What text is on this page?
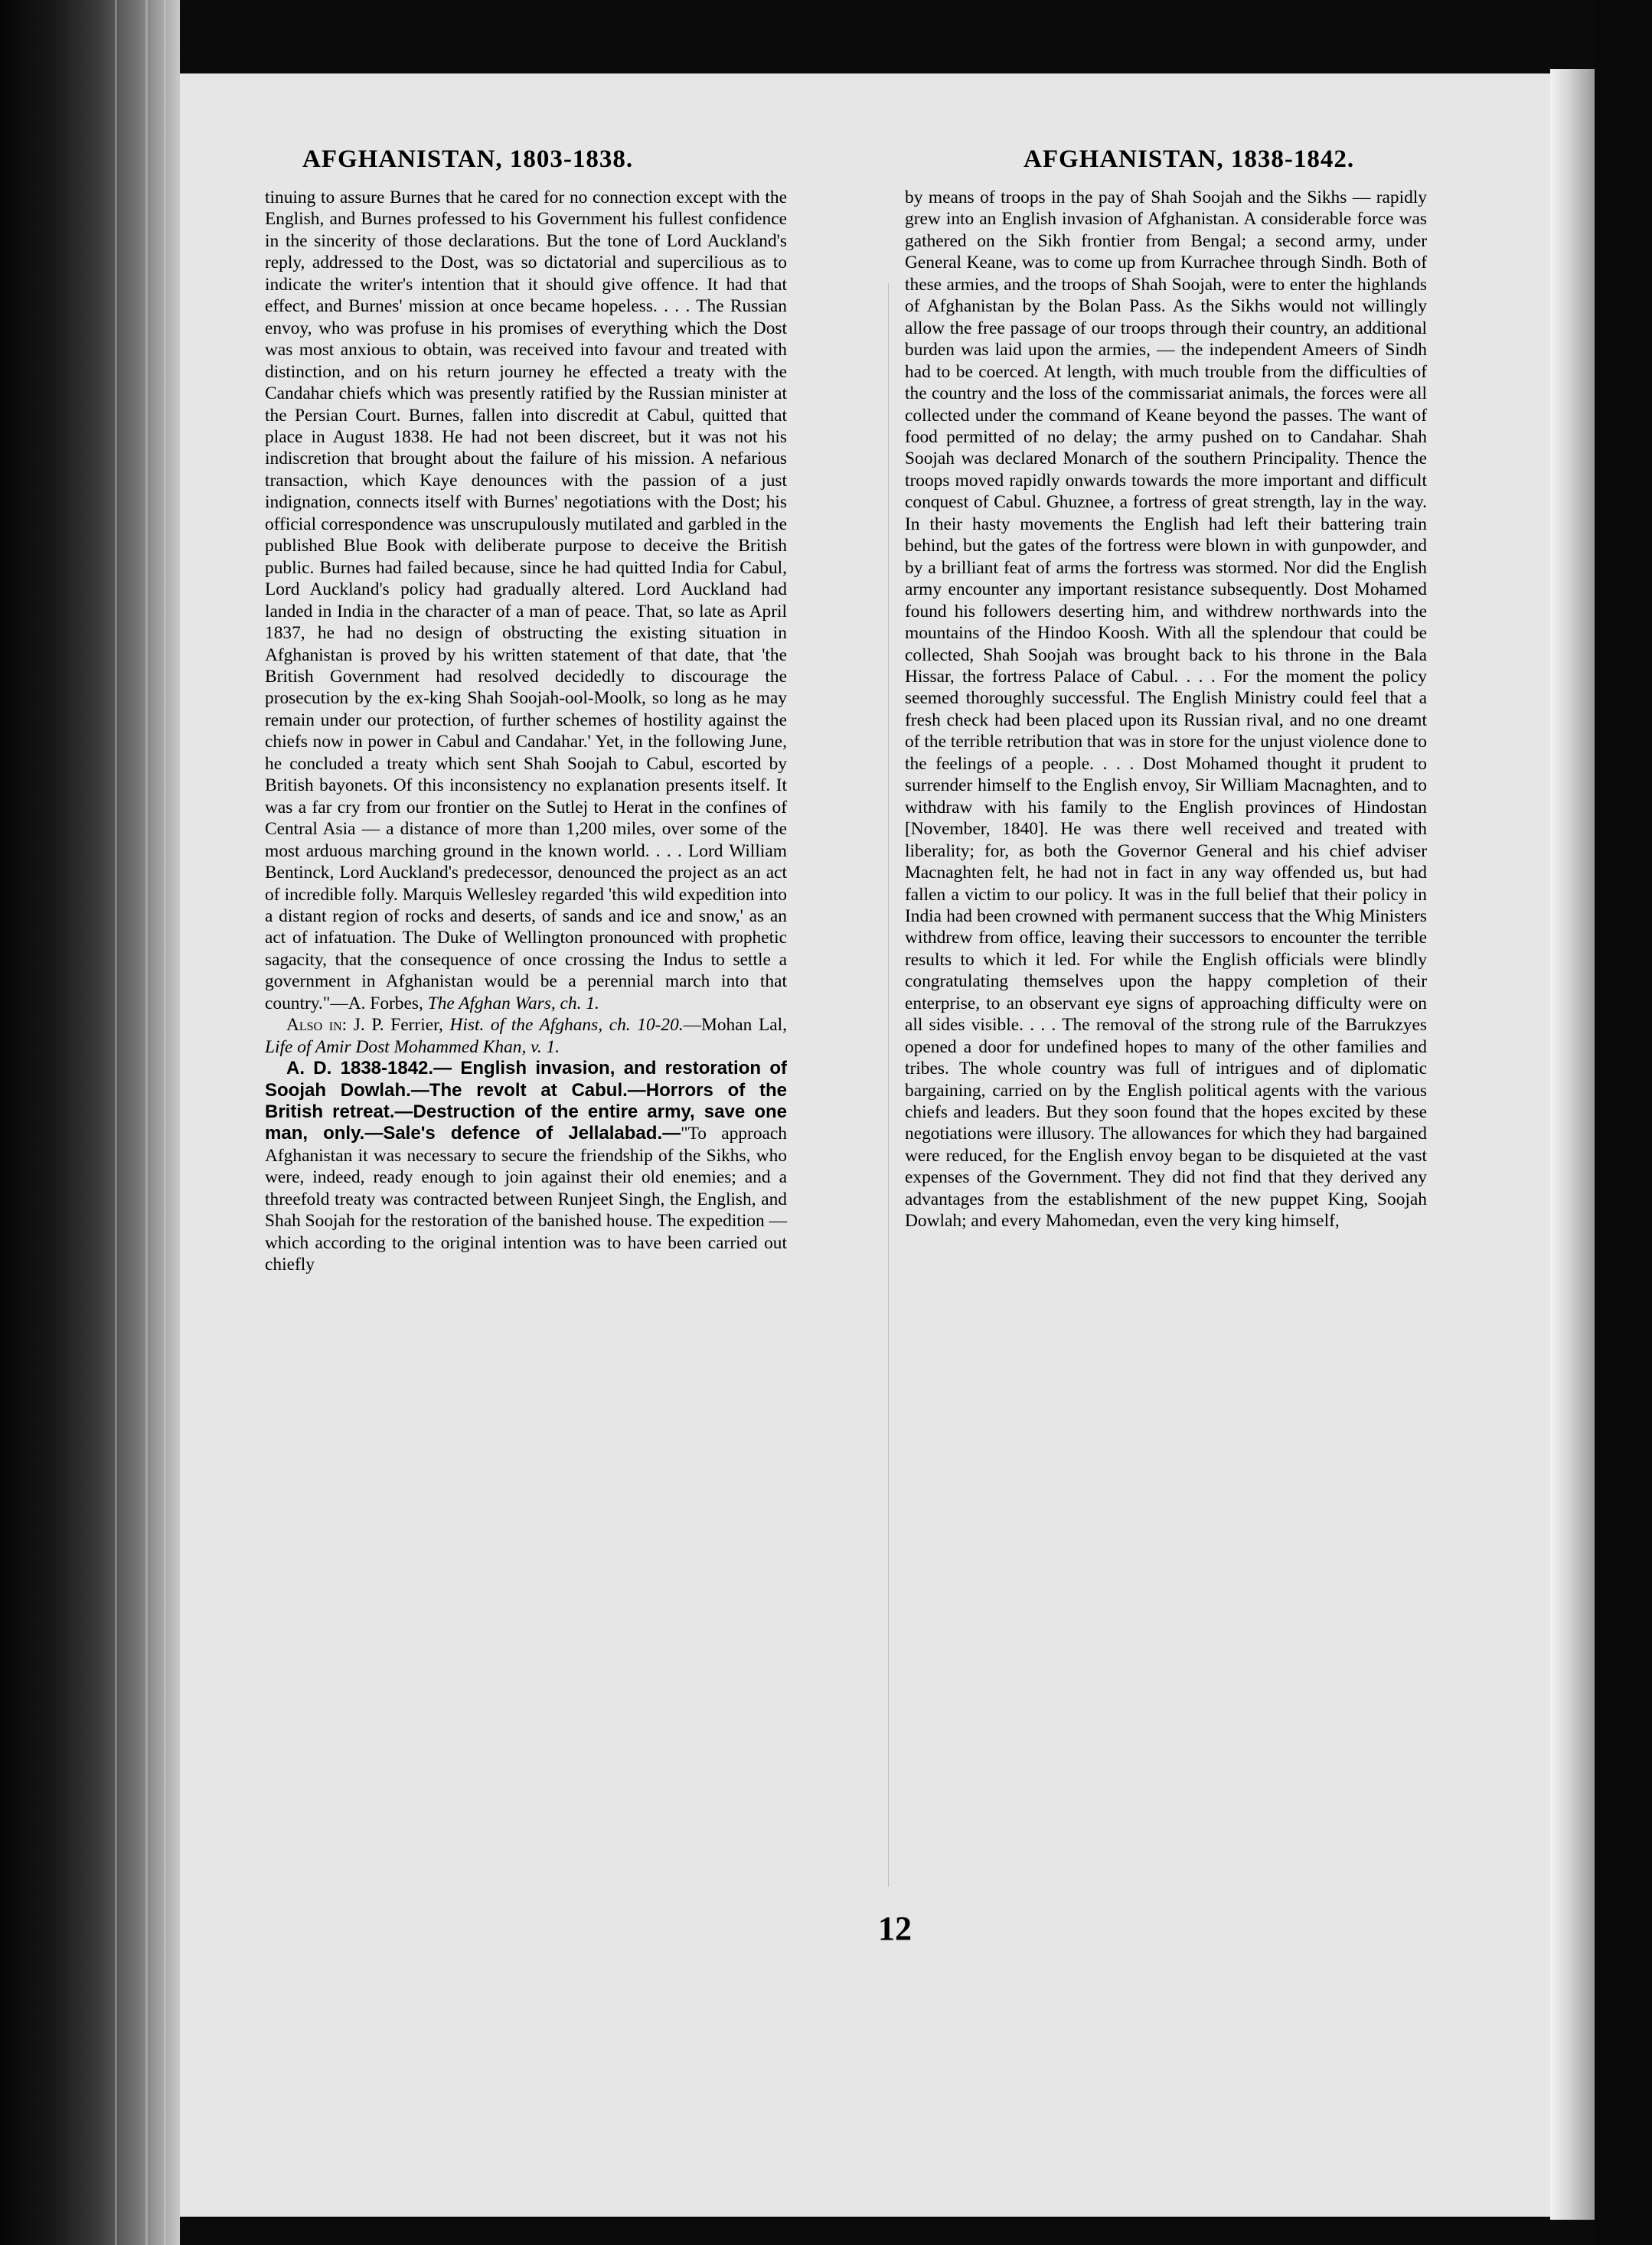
AFGHANISTAN, 1803-1838.	AFGHANISTAN, 1838-1842.

tinuing to assure Burnes that he cared for no connection except with the English, and Burnes professed to his Government his fullest confidence in the sincerity of those declarations. But the tone of Lord Auckland's reply, addressed to the Dost, was so dictatorial and supercilious as to indicate the writer's intention that it should give offence. It had that effect, and Burnes' mission at once became hopeless. . . . The Russian envoy, who was profuse in his promises of everything which the Dost was most anxious to obtain, was received into favour and treated with distinction, and on his return journey he effected a treaty with the Candahar chiefs which was presently ratified by the Russian minister at the Persian Court. Burnes, fallen into discredit at Cabul, quitted that place in August 1838. He had not been discreet, but it was not his indiscretion that brought about the failure of his mission. A nefarious transaction, which Kaye denounces with the passion of a just indignation, connects itself with Burnes' negotiations with the Dost; his official correspondence was unscrupulously mutilated and garbled in the published Blue Book with deliberate purpose to deceive the British public. Burnes had failed because, since he had quitted India for Cabul, Lord Auckland's policy had gradually altered. Lord Auckland had landed in India in the character of a man of peace. That, so late as April 1837, he had no design of obstructing the existing situation in Afghanistan is proved by his written statement of that date, that 'the British Government had resolved decidedly to discourage the prosecution by the ex-king Shah Soojah-ool-Moolk, so long as he may remain under our protection, of further schemes of hostility against the chiefs now in power in Cabul and Candahar.' Yet, in the following June, he concluded a treaty which sent Shah Soojah to Cabul, escorted by British bayonets. Of this inconsistency no explanation presents itself. It was a far cry from our frontier on the Sutlej to Herat in the confines of Central Asia — a distance of more than 1,200 miles, over some of the most arduous marching ground in the known world. . . . Lord William Bentinck, Lord Auckland's predecessor, denounced the project as an act of incredible folly. Marquis Wellesley regarded 'this wild expedition into a distant region of rocks and deserts, of sands and ice and snow,' as an act of infatuation. The Duke of Wellington pronounced with prophetic sagacity, that the consequence of once crossing the Indus to settle a government in Afghanistan would be a perennial march into that country."—A. Forbes, The Afghan Wars, ch. 1.

Also in: J. P. Ferrier, Hist. of the Afghans, ch. 10-20.—Mohan Lal, Life of Amir Dost Mohammed Khan, v. 1.

A. D. 1838-1842.— English invasion, and restoration of Soojah Dowlah.—The revolt at Cabul.—Horrors of the British retreat.—Destruction of the entire army, save one man, only.—Sale's defence of Jellalabad.—"To approach Afghanistan it was necessary to secure the friendship of the Sikhs, who were, indeed, ready enough to join against their old enemies; and a threefold treaty was contracted between Runjeet Singh, the English, and Shah Soojah for the restoration of the banished house. The expedition — which according to the original intention was to have been carried out chiefly

by means of troops in the pay of Shah Soojah and the Sikhs — rapidly grew into an English invasion of Afghanistan. A considerable force was gathered on the Sikh frontier from Bengal; a second army, under General Keane, was to come up from Kurrachee through Sindh. Both of these armies, and the troops of Shah Soojah, were to enter the highlands of Afghanistan by the Bolan Pass. As the Sikhs would not willingly allow the free passage of our troops through their country, an additional burden was laid upon the armies, — the independent Ameers of Sindh had to be coerced. At length, with much trouble from the difficulties of the country and the loss of the commissariat animals, the forces were all collected under the command of Keane beyond the passes. The want of food permitted of no delay; the army pushed on to Candahar. Shah Soojah was declared Monarch of the southern Principality. Thence the troops moved rapidly onwards towards the more important and difficult conquest of Cabul. Ghuznee, a fortress of great strength, lay in the way. In their hasty movements the English had left their battering train behind, but the gates of the fortress were blown in with gunpowder, and by a brilliant feat of arms the fortress was stormed. Nor did the English army encounter any important resistance subsequently. Dost Mohamed found his followers deserting him, and withdrew northwards into the mountains of the Hindoo Koosh. With all the splendour that could be collected, Shah Soojah was brought back to his throne in the Bala Hissar, the fortress Palace of Cabul. . . . For the moment the policy seemed thoroughly successful. The English Ministry could feel that a fresh check had been placed upon its Russian rival, and no one dreamt of the terrible retribution that was in store for the unjust violence done to the feelings of a people. . . . Dost Mohamed thought it prudent to surrender himself to the English envoy, Sir William Macnaghten, and to withdraw with his family to the English provinces of Hindostan [November, 1840]. He was there well received and treated with liberality; for, as both the Governor General and his chief adviser Macnaghten felt, he had not in fact in any way offended us, but had fallen a victim to our policy. It was in the full belief that their policy in India had been crowned with permanent success that the Whig Ministers withdrew from office, leaving their successors to encounter the terrible results to which it led. For while the English officials were blindly congratulating themselves upon the happy completion of their enterprise, to an observant eye signs of approaching difficulty were on all sides visible. . . . The removal of the strong rule of the Barrukzyes opened a door for undefined hopes to many of the other families and tribes. The whole country was full of intrigues and of diplomatic bargaining, carried on by the English political agents with the various chiefs and leaders. But they soon found that the hopes excited by these negotiations were illusory. The allowances for which they had bargained were reduced, for the English envoy began to be disquieted at the vast expenses of the Government. They did not find that they derived any advantages from the establishment of the new puppet King, Soojah Dowlah; and every Mahomedan, even the very king himself,

12
